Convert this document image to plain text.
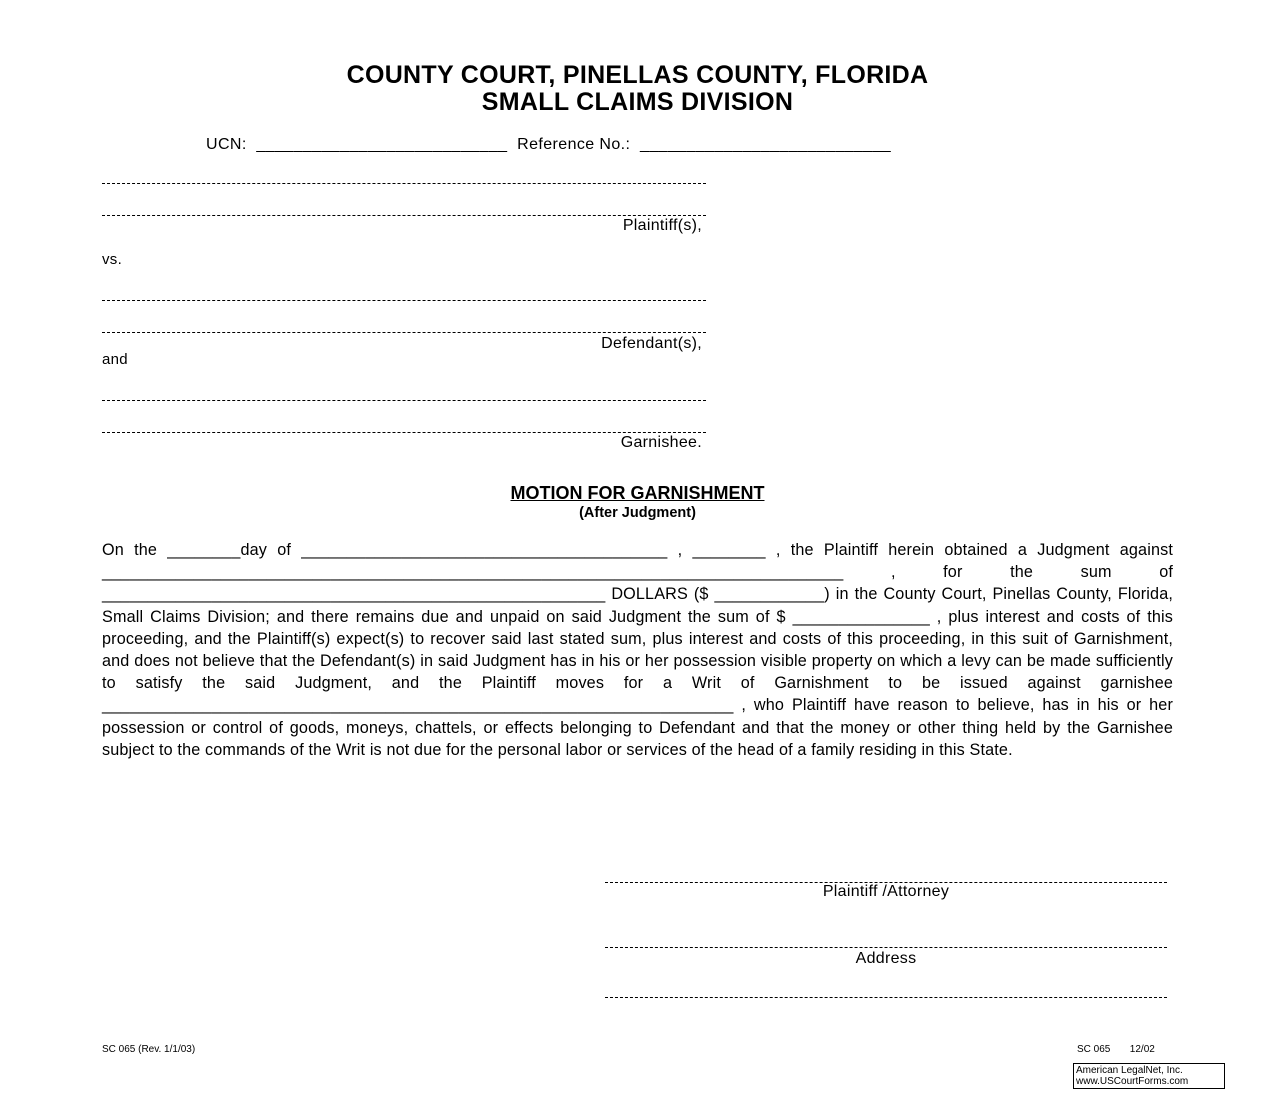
COUNTY COURT, PINELLAS COUNTY, FLORIDA
SMALL CLAIMS DIVISION
UCN:  ___________________________  Reference No.:  ___________________________
Plaintiff(s),
vs.
Defendant(s),
and
Garnishee.
MOTION FOR GARNISHMENT
(After Judgment)

On the ________day of ________________________________________ , ________ , the Plaintiff herein obtained a Judgment against _________________________________________________________________________________ , for the sum of _______________________________________________________ DOLLARS ($ ____________) in the County Court, Pinellas County, Florida, Small Claims Division; and there remains due and unpaid on said Judgment the sum of $ _______________ , plus interest and costs of this proceeding, and the Plaintiff(s) expect(s) to recover said last stated sum, plus interest and costs of this proceeding, in this suit of Garnishment, and does not believe that the Defendant(s) in said Judgment has in his or her possession visible property on which a levy can be made sufficiently to satisfy the said Judgment, and the Plaintiff moves for a Writ of Garnishment to be issued against garnishee _____________________________________________________________________ , who Plaintiff have reason to believe, has in his or her possession or control of goods, moneys, chattels, or effects belonging to Defendant and that the money or other thing held by the Garnishee subject to the commands of the Writ is not due for the personal labor or services of the head of a family residing in this State.

Plaintiff /Attorney
Address
SC 065 (Rev. 1/1/03)	SC 065       12/02
American LegalNet, Inc.
www.USCourtForms.com
